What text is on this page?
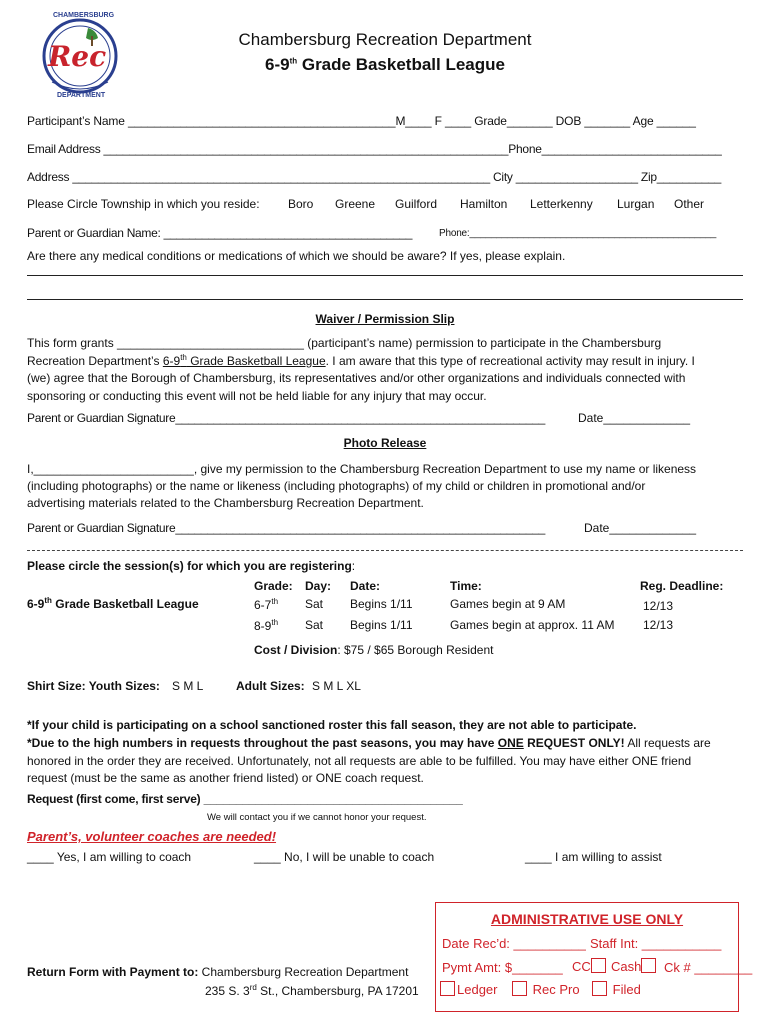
CHAMBERSBURG
Rec
DEPARTMENT
Chambersburg Recreation Department
6-9th Grade Basketball League
Participant’s Name _________________________________________M____ F ____ Grade_______ DOB _______ Age ______
Email Address _______________________________________________________________Phone____________________________
Address _________________________________________________________________ City ___________________ Zip__________
Please Circle Township in which you reside: Boro Greene Guilford Hamilton Letterkenny Lurgan Other
Parent or Guardian Name: _______________________________________	Phone:______________________________________________
Are there any medical conditions or medications of which we should be aware? If yes, please explain.
Waiver / Permission Slip
This form grants ____________________________ (participant’s name) permission to participate in the Chambersburg
Recreation Department’s 6-9th Grade Basketball League. I am aware that this type of recreational activity may result in injury. I
(we) agree that the Borough of Chambersburg, its representatives and/or other organizations and individuals connected with
sponsoring or conducting this event will not be held liable for any injury that may occur.
Parent or Guardian Signature__________________________________________________________	Date_____________
Photo Release
I,________________________, give my permission to the Chambersburg Recreation Department to use my name or likeness
(including photographs) or the name or likeness (including photographs) of my child or children in promotional and/or
advertising materials related to the Chambersburg Recreation Department.
Parent or Guardian Signature__________________________________________________________	Date_____________
Please circle the session(s) for which you are registering:
6-9th Grade Basketball League
Grade: Day: Date:	Time:	Reg. Deadline:
6-7th Sat Begins 1/11	Games begin at 9 AM	12/13
8-9th Sat Begins 1/11	Games begin at approx. 11 AM 12/13
Cost / Division: $75 / $65 Borough Resident
Shirt Size: Youth Sizes: S M L	Adult Sizes: S M L XL
*If your child is participating on a school sanctioned roster this fall season, they are not able to participate.
*Due to the high numbers in requests throughout the past seasons, you may have ONE REQUEST ONLY! All requests are
honored in the order they are received. Unfortunately, not all requests are able to be fulfilled. You may have either ONE friend
request (must be the same as another friend listed) or ONE coach request.
Request (first come, first serve) ________________________________________
We will contact you if we cannot honor your request.
Parent’s, volunteer coaches are needed!
____ Yes, I am willing to coach	____ No, I will be unable to coach	____ I am willing to assist
Return Form with Payment to: Chambersburg Recreation Department
235 S. 3rd St., Chambersburg, PA 17201
ADMINISTRATIVE USE ONLY
Date Rec’d: __________ Staff Int: ___________
Pymt Amt: $_______ CC	Cash	Ck # ________
Ledger	Rec Pro	Filed
